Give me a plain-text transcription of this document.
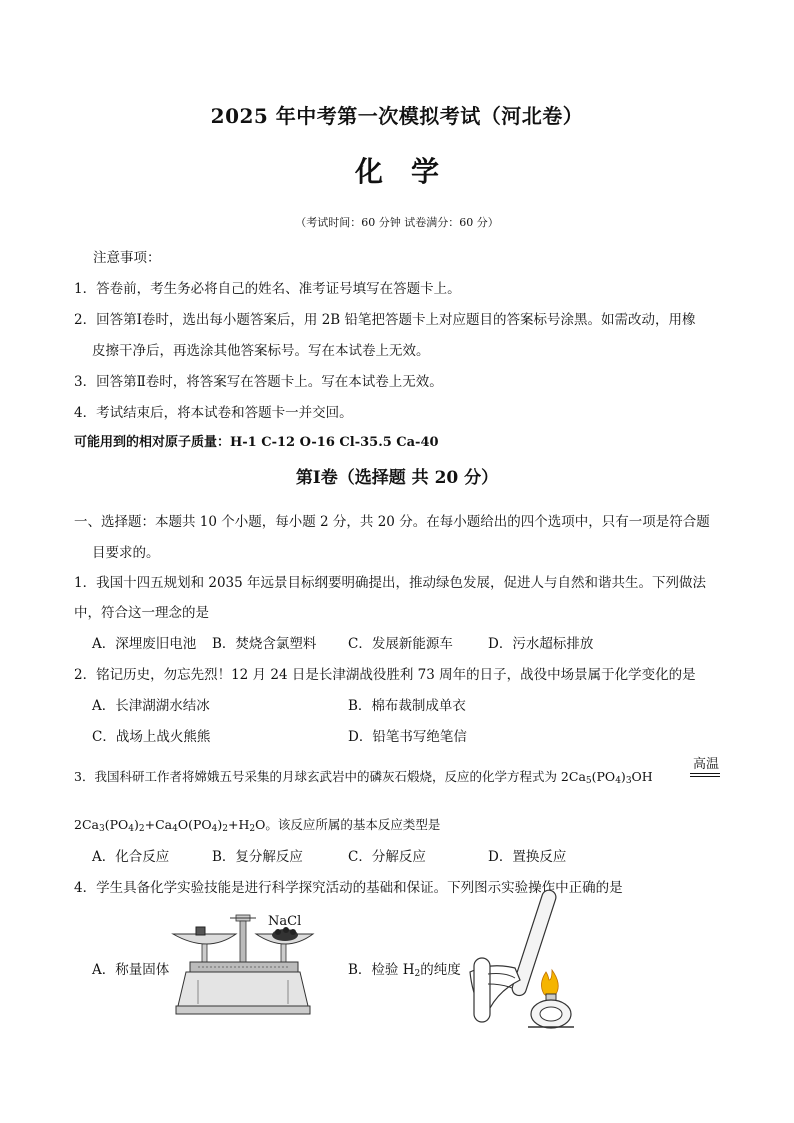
2025 年中考第一次模拟考试（河北卷）
化学
（考试时间：60 分钟 试卷满分：60 分）
注意事项：
1．答卷前，考生务必将自己的姓名、准考证号填写在答题卡上。
2．回答第Ⅰ卷时，选出每小题答案后，用 2B 铅笔把答题卡上对应题目的答案标号涂黑。如需改动，用橡
皮擦干净后，再选涂其他答案标号。写在本试卷上无效。
3．回答第Ⅱ卷时，将答案写在答题卡上。写在本试卷上无效。
4．考试结束后，将本试卷和答题卡一并交回。
可能用到的相对原子质量：H-1 C-12 O-16 Cl-35.5 Ca-40
第Ⅰ卷（选择题 共 20 分）
一、选择题：本题共 10 个小题，每小题 2 分，共 20 分。在每小题给出的四个选项中，只有一项是符合题
目要求的。
1．我国十四五规划和 2035 年远景目标纲要明确提出，推动绿色发展，促进人与自然和谐共生。下列做法
中，符合这一理念的是
A．深埋废旧电池 B．焚烧含氯塑料 C．发展新能源车	D．污水超标排放
2．铭记历史，勿忘先烈！12 月 24 日是长津湖战役胜利 73 周年的日子，战役中场景属于化学变化的是
A．长津湖湖水结冰	B．棉布裁制成单衣
C．战场上战火熊熊	D．铅笔书写绝笔信
3．我国科研工作者将嫦娥五号采集的月球玄武岩中的磷灰石煅烧，反应的化学方程式为 $2Ca_5(PO_4)_3OH$
高温
$2Ca_3(PO_4)_2+Ca_4O(PO_4)_2+H_2O$。该反应所属的基本反应类型是
A．化合反应	B．复分解反应	C．分解反应	D．置换反应
4．学生具备化学实验技能是进行科学探究活动的基础和保证。下列图示实验操作中正确的是
A．称量固体	B．检验 $H_2$的纯度
NaCl
